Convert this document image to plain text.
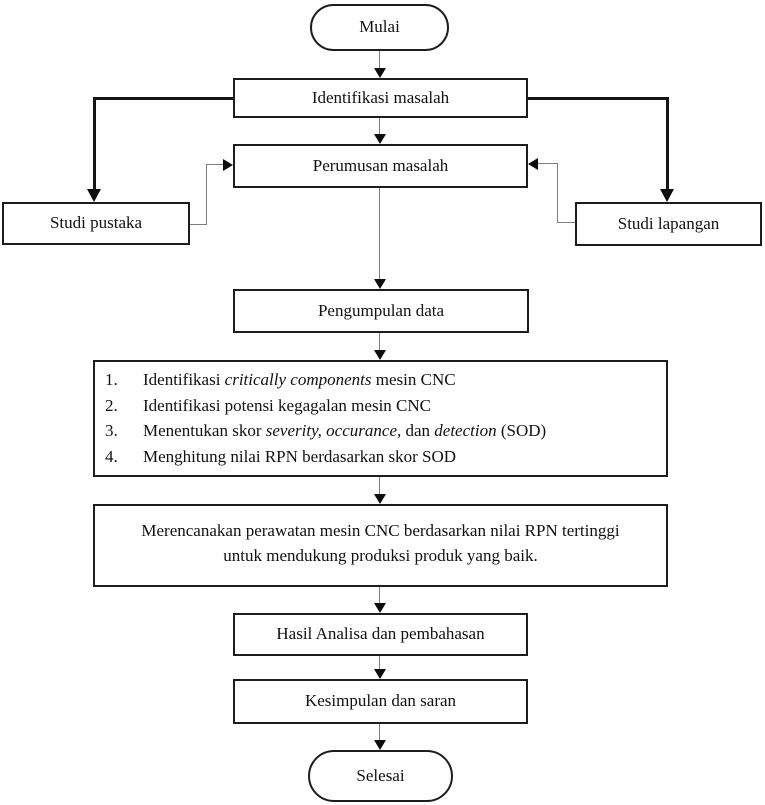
Mulai
Identifikasi masalah
Perumusan masalah
Studi pustaka	Studi lapangan
Pengumpulan data
1.	Identifikasi critically components mesin CNC
2.	Identifikasi potensi kegagalan mesin CNC
3.	Menentukan skor severity, occurance, dan detection (SOD)
4.	Menghitung nilai RPN berdasarkan skor SOD
Merencanakan perawatan mesin CNC berdasarkan nilai RPN tertinggi
untuk mendukung produksi produk yang baik.
Hasil Analisa dan pembahasan
Kesimpulan dan saran
Selesai
